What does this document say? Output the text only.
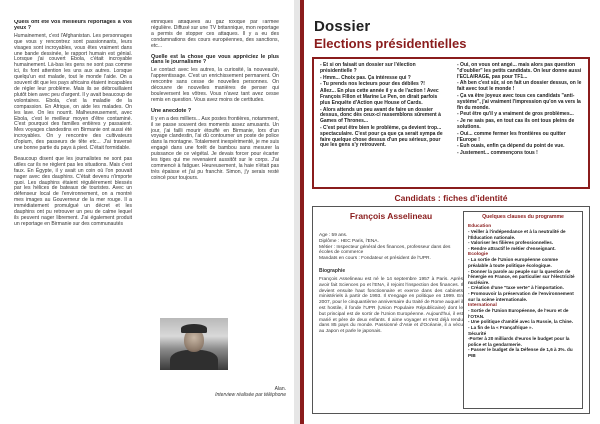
Quels ont été vos meilleurs reportages à vos yeux ?

Humainement, c'est l'Afghanistan. Les personnages que vous y rencontrez sont passionnants, leurs visages sont incroyables, vous êtes vraiment dans une bande dessinée, le rapport humain est génial. Lorsque j'ai couvert Ebola, c'était incroyable humainement. Là-bas les gens ne sont pas comme ici, ils font attention les uns aux autres. Lorsque quelqu'un est malade, tout le monde l'aide. On a souvent dit que les pays africains étaient incapables de régler leur problème. Mais ils se débrouillaient plutôt bien avec peu d'argent. Il y avait beaucoup de volontaires. Ebola, c'est la maladie de la compassion. En Afrique, on aide les malades. On les lave. On les nourrit. Malheureusement, avec Ebola, c'est le meilleur moyen d'être contaminé. C'est pourquoi des familles entières y passaient. Mes voyages clandestins en Birmanie ont aussi été incroyables. On y rencontre des cultivateurs d'opium, des passeurs de tête etc... J'ai traversé une bonne partie du pays à pied. C'était formidable.

Beaucoup disent que les journalistes ne sont pas utiles car ils ne règlent pas les situations. Mais c'est faux. En Égypte, il y avait un coin où l'on pouvait nager avec des dauphins. C'était devenu n'importe quoi. Les dauphins étaient régulièrement blessés par les hélices de bateaux de touristes. Avec un défenseur local de l'environnement, on a montré mes images au Gouverneur de la mer rouge. Il a immédiatement promulgué un décret et les dauphins ont pu retrouver un peu de calme lequel ils peuvent nager librement. J'ai également produit un reportage en Birmanie sur des communautés

ethniques attaquées au gaz toxique par l'armée régulière. Diffusé sur une TV britannique, mon reportage a permis de stopper ces attaques. Il y a eu des condamnations des cours européennes, des sanctions, etc...

Quelle est la chose que vous appréciez le plus dans le journalisme ?

Le contact avec les autres, la curiosité, la nouveauté, l'apprentissage. C'est un enrichissement permanent. On rencontre sans cesse de nouvelles personnes. On découvre de nouvelles manières de penser qui bouleversent les vôtres. Vous n'avez tant avez cesse remis en question. Vous avez moins de certitudes.

Une anecdote ?

Il y en a des milliers... Aux postes frontières, notamment, il se passe souvent des moments assez amusants. Un jour, j'ai failli mourir étouffé en Birmanie, lors d'un voyage clandestin, l'ai dû contourner un poste de police dans la montagne. Totalement inexpérimenté, je me suis engagé dans une forêt de bambou sans mesurer la puissance de ce végétal. Je devais forcer pour écarter les tiges qui me revenaient aussitôt sur le corps. J'ai commencé à fatiguer. Heureusement, la haie n'était pas très épaisse et j'ai pu franchir. Simon, j'y serais resté coincé pour toujours.

Alan.
Interview réalisée par téléphone
Dossier
Elections présidentielles

- Et si on faisait un dossier sur l'élection présidentielle ?

- Hmm... Choix pas. Ça intéresse qui ?

- Tu prends nos lecteurs pour des débiles ?!

Allez... En plus cette année il y a de l'action ! Avec François Fillon et Marine Le Pen, on dirait parfois plus Enquête d'Action que House of Cards.

- Alors attends un peu avant de faire un dossier dessus, donc dès ceux-ci rassemblons sûrement à Games of Thrones...

- C'est peut être bien le problème, ça devient trop... spectaculaire. C'est pour ça que ça serait sympa de faire quelque chose dessus d'un peu sérieux, pour que les gens s'y retrouvent.

- Oui, on vous ont angé... mais alors pas question "d'oublier" les petits candidats. On leur donne aussi l'ECLAIRAGE, pas pour TF1...

- Ah ben c'est sûr, si on fait un dossier dessus, on le fait avec tout le monde !

- Ça va être joyeux avec tous ces candidats "anti-système", j'ai vraiment l'impression qu'on va vers la fin du monde.

- Peut être qu'il y a vraiment de gros problèmes...

- Je ne sais pas, en tout cas ils ont tous pleins de solutions.

- Oui... comme fermer les frontières ou quitter l'Europe !

- Euh ouais, enfin ça dépend du point de vue.

- Justement... commençons tous !

Candidats : fiches d'identité
François Asselineau

Age : 59 ans.

Diplôme : HEC Paris, l'ENA.

Métier : Inspecteur général des finances, professeur dans des écoles de commerce

Mandats en cours : Fondateur et président de l'UPR.

Biographie
François Asselineau est né le 14 septembre 1957 à Paris. Après avoir fait Sciences po et l'ENA, il rejoint l'inspection des finances. Il devient ensuite haut fonctionnaire et exerce dans des cabinets ministériels à partir de 1993. Il s'engage en politique en 1999. En 2007, pour le cinquantième anniversaire du traité de Rome auquel il est hostile, il fonde l'UPR (Union Populaire Républicaine) dont le but principal est de sortir de l'Union Européenne. Aujourd'hui, il est marié et père de deux enfants. Il aime voyager et s'est déjà rendu dans 85 pays du monde. Passionné d'Asie et d'Océanie, il a vécu au Japon et parle le japonais.
Quelques clauses du programme
Education
- Veiller à l'indépendance et à la neutralité de l'Éducation nationale.
- Valoriser les filières professionnelles.
- Rendre attractif le métier d'enseignant.
Ecologie
- La sortie de l'Union européenne comme préalable à toute politique écologique.
- Donner la parole au peuple sur la question de l'énergie en France, en particulier sur l'électricité nucléaire.
- Création d'une "taxe verte" à l'importation.
- Promouvoir la préservation de l'environnement sur la scène internationale.
International
- Sortie de l'Union Européenne, de l'euro et de l'OTAN.
- Une politique d'amitié avec la Russie, la Chine.
- La fin de la « Françafrique ».
Sécurité
-Porter à 20 milliards d'euros le budget pour la police et la gendarmerie.
- Passer le budget de la Défense de 1,6 à 3%. du PIB
